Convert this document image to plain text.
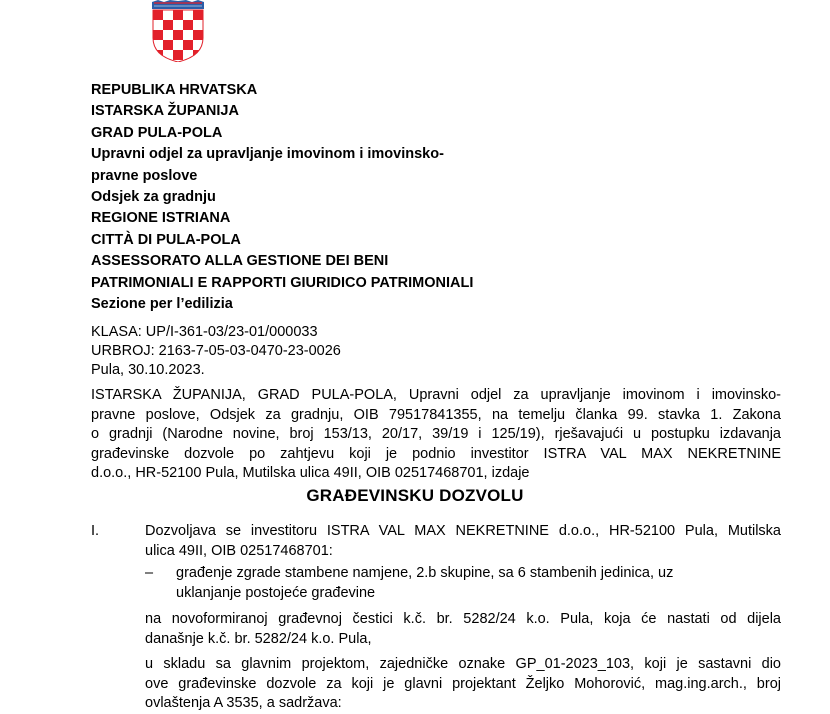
REPUBLIKA HRVATSKA
ISTARSKA ŽUPANIJA
GRAD PULA-POLA
Upravni odjel za upravljanje imovinom i imovinsko-
pravne poslove
Odsjek za gradnju
REGIONE ISTRIANA
CITTÀ DI PULA-POLA
ASSESSORATO ALLA GESTIONE DEI BENI
PATRIMONIALI E RAPPORTI GIURIDICO PATRIMONIALI
Sezione per l’edilizia
KLASA: UP/I-361-03/23-01/000033
URBROJ: 2163-7-05-03-0470-23-0026
Pula, 30.10.2023.
ISTARSKA ŽUPANIJA, GRAD PULA-POLA, Upravni odjel za upravljanje imovinom i imovinsko-
pravne poslove, Odsjek za gradnju, OIB 79517841355, na temelju članka 99. stavka 1. Zakona
o gradnji (Narodne novine, broj 153/13, 20/17, 39/19 i 125/19), rješavajući u postupku izdavanja
građevinske dozvole po zahtjevu koji je podnio investitor ISTRA VAL MAX NEKRETNINE
d.o.o., HR-52100 Pula, Mutilska ulica 49II, OIB 02517468701, izdaje
GRAĐEVINSKU DOZVOLU
I.	Dozvoljava se investitoru ISTRA VAL MAX NEKRETNINE d.o.o., HR-52100 Pula, Mutilska
ulica 49II, OIB 02517468701:
– građenje zgrade stambene namjene, 2.b skupine, sa 6 stambenih jedinica, uz
uklanjanje postojeće građevine
na novoformiranoj građevnoj čestici k.č. br. 5282/24 k.o. Pula, koja će nastati od dijela
današnje k.č. br. 5282/24 k.o. Pula,
u skladu sa glavnim projektom, zajedničke oznake GP_01-2023_103, koji je sastavni dio
ove građevinske dozvole za koji je glavni projektant Željko Mohorović, mag.ing.arch., broj
ovlaštenja A 3535, a sadržava:
